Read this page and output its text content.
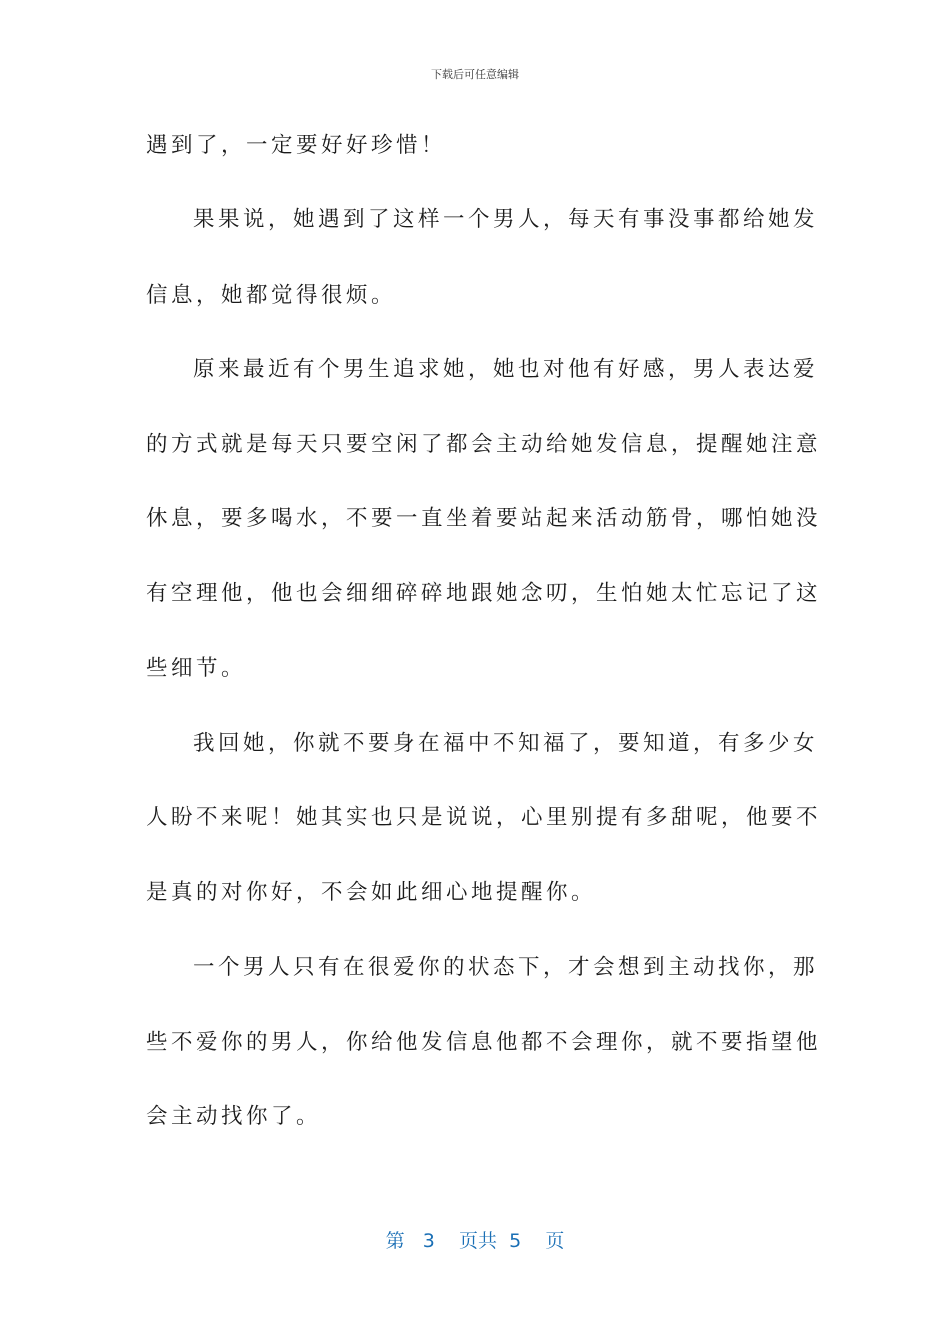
下载后可任意编辑
遇到了，一定要好好珍惜！
果果说，她遇到了这样一个男人，每天有事没事都给她发
信息，她都觉得很烦。
原来最近有个男生追求她，她也对他有好感，男人表达爱
的方式就是每天只要空闲了都会主动给她发信息，提醒她注意
休息，要多喝水，不要一直坐着要站起来活动筋骨，哪怕她没
有空理他，他也会细细碎碎地跟她念叨，生怕她太忙忘记了这
些细节。
我回她，你就不要身在福中不知福了，要知道，有多少女
人盼不来呢！她其实也只是说说，心里别提有多甜呢，他要不
是真的对你好，不会如此细心地提醒你。
一个男人只有在很爱你的状态下，才会想到主动找你，那
些不爱你的男人，你给他发信息他都不会理你，就不要指望他
会主动找你了。
第 3 页共 5 页
